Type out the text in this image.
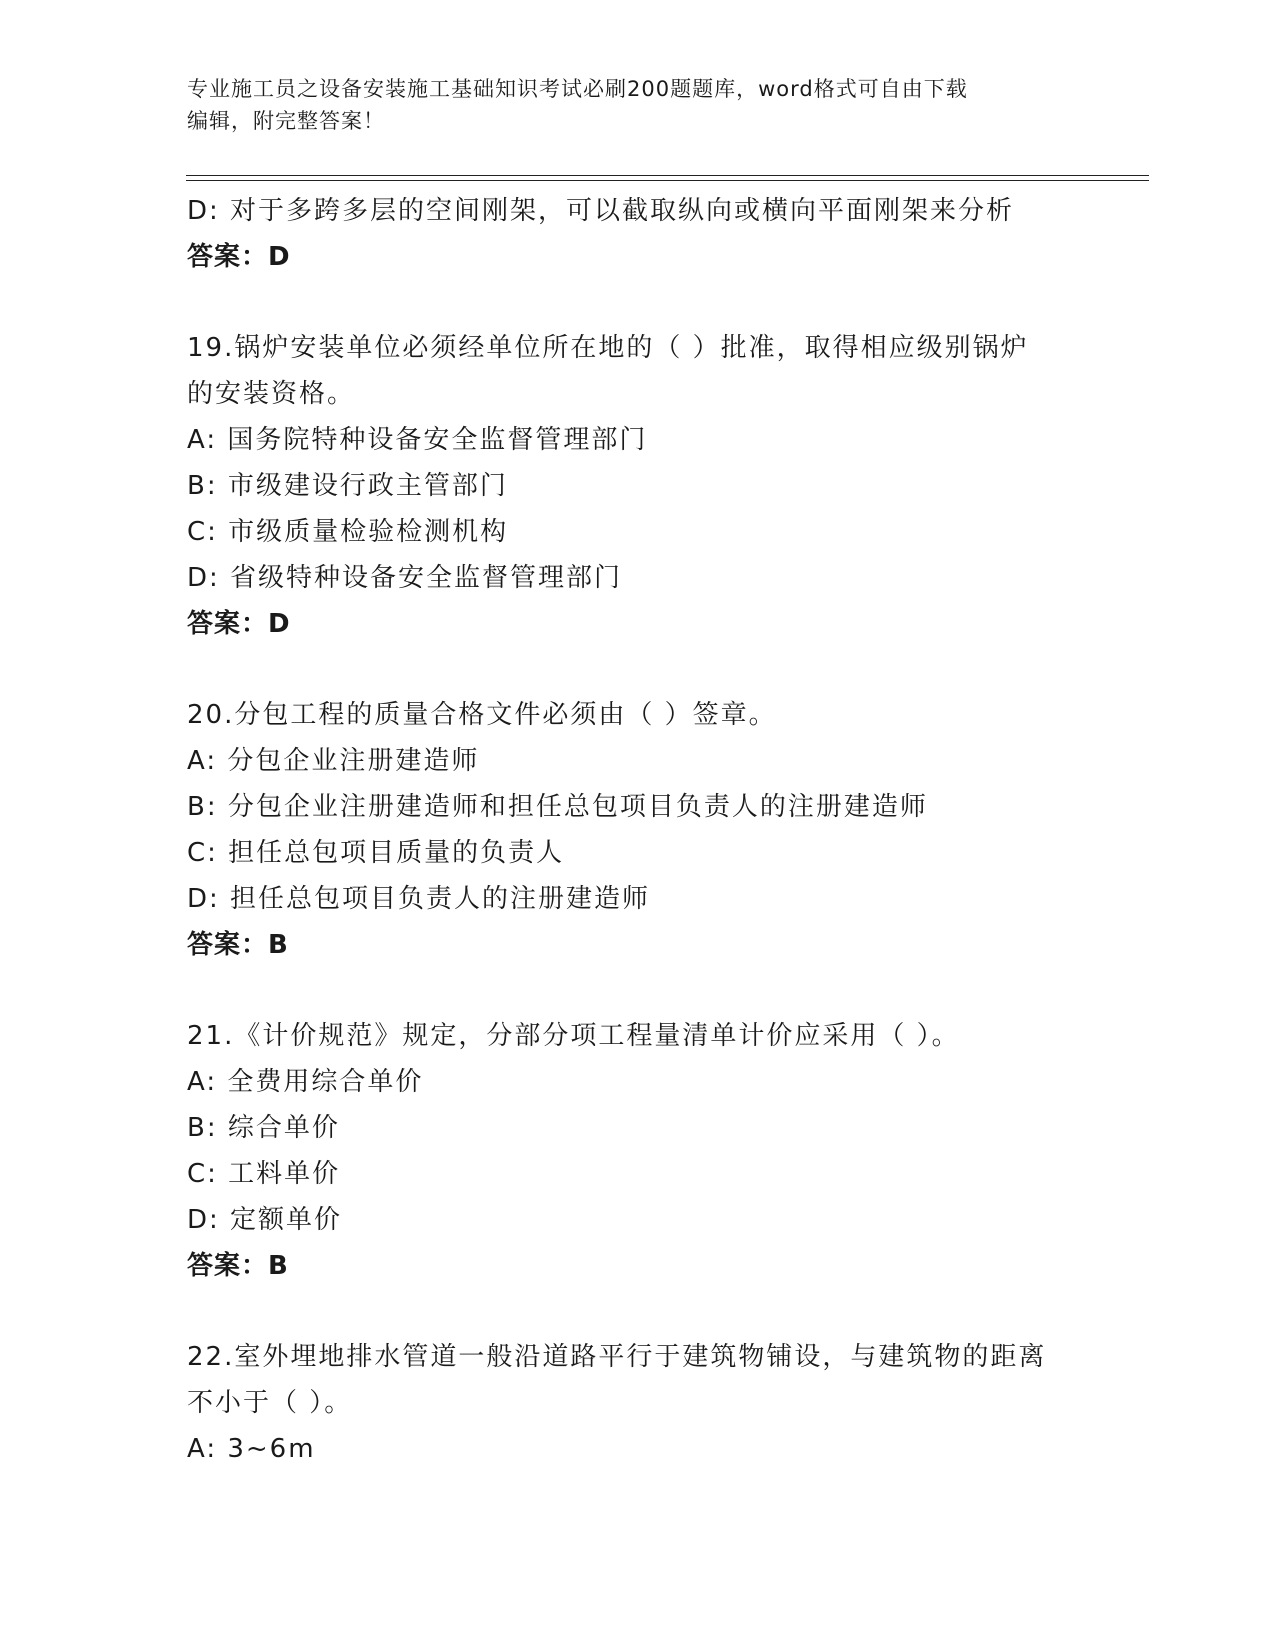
专业施工员之设备安装施工基础知识考试必刷200题题库，word格式可自由下载
编辑，附完整答案！
D: 对于多跨多层的空间刚架，可以截取纵向或横向平面刚架来分析
答案：D
19.锅炉安装单位必须经单位所在地的（ ）批准，取得相应级别锅炉
的安装资格。
A: 国务院特种设备安全监督管理部门
B: 市级建设行政主管部门
C: 市级质量检验检测机构
D: 省级特种设备安全监督管理部门
答案：D
20.分包工程的质量合格文件必须由（ ）签章。
A: 分包企业注册建造师
B: 分包企业注册建造师和担任总包项目负责人的注册建造师
C: 担任总包项目质量的负责人
D: 担任总包项目负责人的注册建造师
答案：B
21.《计价规范》规定，分部分项工程量清单计价应采用（ ）。
A: 全费用综合单价
B: 综合单价
C: 工料单价
D: 定额单价
答案：B
22.室外埋地排水管道一般沿道路平行于建筑物铺设，与建筑物的距离
不小于（ ）。
A: 3~6m
